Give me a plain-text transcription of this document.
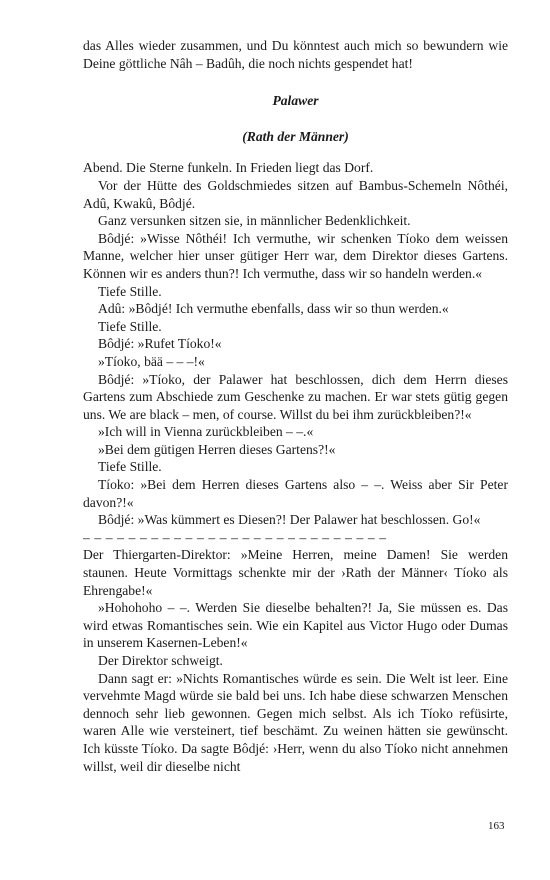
das Alles wieder zusammen, und Du könntest auch mich so bewundern wie Deine göttliche Nâh – Badûh, die noch nichts gespendet hat!

Palawer

(Rath der Männer)

Abend. Die Sterne funkeln. In Frieden liegt das Dorf.

Vor der Hütte des Goldschmiedes sitzen auf Bambus-Schemeln Nôthéi, Adû, Kwakû, Bôdjé.

Ganz versunken sitzen sie, in männlicher Bedenklichkeit.

Bôdjé: »Wisse Nôthéi! Ich vermuthe, wir schenken Tíoko dem weissen Manne, welcher hier unser gütiger Herr war, dem Direktor dieses Gartens. Können wir es anders thun?! Ich vermuthe, dass wir so handeln werden.«

Tiefe Stille.

Adû: »Bôdjé! Ich vermuthe ebenfalls, dass wir so thun werden.«

Tiefe Stille.

Bôdjé: »Rufet Tíoko!«

»Tíoko, bää – – –!«

Bôdjé: »Tíoko, der Palawer hat beschlossen, dich dem Herrn dieses Gartens zum Abschiede zum Geschenke zu machen. Er war stets gütig gegen uns. We are black – men, of course. Willst du bei ihm zurückbleiben?!«

»Ich will in Vienna zurückbleiben – –.«

»Bei dem gütigen Herren dieses Gartens?!«

Tiefe Stille.

Tíoko: »Bei dem Herren dieses Gartens also – –. Weiss aber Sir Peter davon?!«

Bôdjé: »Was kümmert es Diesen?! Der Palawer hat beschlossen. Go!«

– – – – – – – – – – – – – – – – – – – – – – – – – – –

Der Thiergarten-Direktor: »Meine Herren, meine Damen! Sie werden staunen. Heute Vormittags schenkte mir der ›Rath der Männer‹ Tíoko als Ehrengabe!«

»Hohohoho – –. Werden Sie dieselbe behalten?! Ja, Sie müssen es. Das wird etwas Romantisches sein. Wie ein Kapitel aus Victor Hugo oder Dumas in unserem Kasernen-Leben!«

Der Direktor schweigt.

Dann sagt er: »Nichts Romantisches würde es sein. Die Welt ist leer. Eine vervehmte Magd würde sie bald bei uns. Ich habe diese schwarzen Menschen dennoch sehr lieb gewonnen. Gegen mich selbst. Als ich Tíoko refüsirte, waren Alle wie versteinert, tief beschämt. Zu weinen hätten sie gewünscht. Ich küsste Tíoko. Da sagte Bôdjé: ›Herr, wenn du also Tíoko nicht annehmen willst, weil dir dieselbe nicht

163
